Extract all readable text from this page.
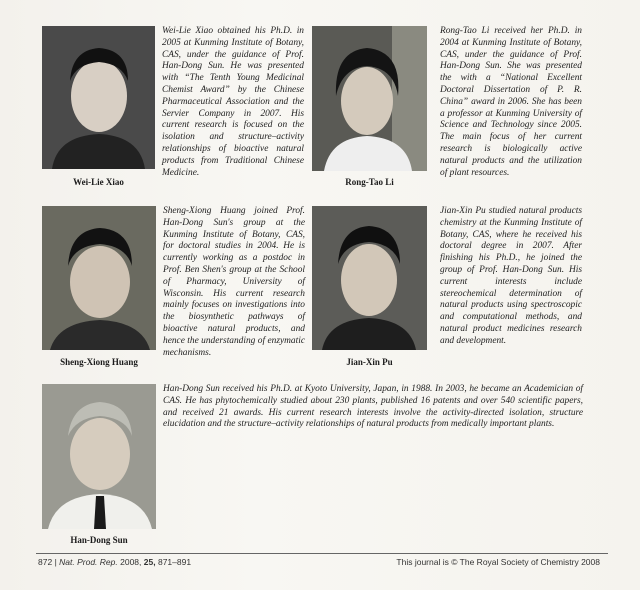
Wei-Lie Xiao
Wei-Lie Xiao obtained his Ph.D. in 2005 at Kunming Institute of Botany, CAS, under the guidance of Prof. Han-Dong Sun. He was presented with “The Tenth Young Medicinal Chemist Award” by the Chinese Pharmaceutical Association and the Servier Company in 2007. His current research is focused on the isolation and structure–activity relationships of bioactive natural products from Traditional Chinese Medicine.
Rong-Tao Li
Rong-Tao Li received her Ph.D. in 2004 at Kunming Institute of Botany, CAS, under the guidance of Prof. Han-Dong Sun. She was presented the with a “National Excellent Doctoral Dissertation of P. R. China” award in 2006. She has been a professor at Kunming University of Science and Technology since 2005. The main focus of her current research is biologically active natural products and the utilization of plant resources.
Sheng-Xiong Huang
Sheng-Xiong Huang joined Prof. Han-Dong Sun's group at the Kunming Institute of Botany, CAS, for doctoral studies in 2004. He is currently working as a postdoc in Prof. Ben Shen's group at the School of Pharmacy, University of Wisconsin. His current research mainly focuses on investigations into the biosynthetic pathways of bioactive natural products, and hence the understanding of enzymatic mechanisms.
Jian-Xin Pu
Jian-Xin Pu studied natural products chemistry at the Kunming Institute of Botany, CAS, where he received his doctoral degree in 2007. After finishing his Ph.D., he joined the group of Prof. Han-Dong Sun. His current interests include stereochemical determination of natural products using spectroscopic and computational methods, and natural product medicines research and development.
Han-Dong Sun
Han-Dong Sun received his Ph.D. at Kyoto University, Japan, in 1988. In 2003, he became an Academician of CAS. He has phytochemically studied about 230 plants, published 16 patents and over 540 scientific papers, and received 21 awards. His current research interests involve the activity-directed isolation, structure elucidation and the structure–activity relationships of natural products from medically important plants.
872 | Nat. Prod. Rep. 2008, 25, 871–891	This journal is © The Royal Society of Chemistry 2008
